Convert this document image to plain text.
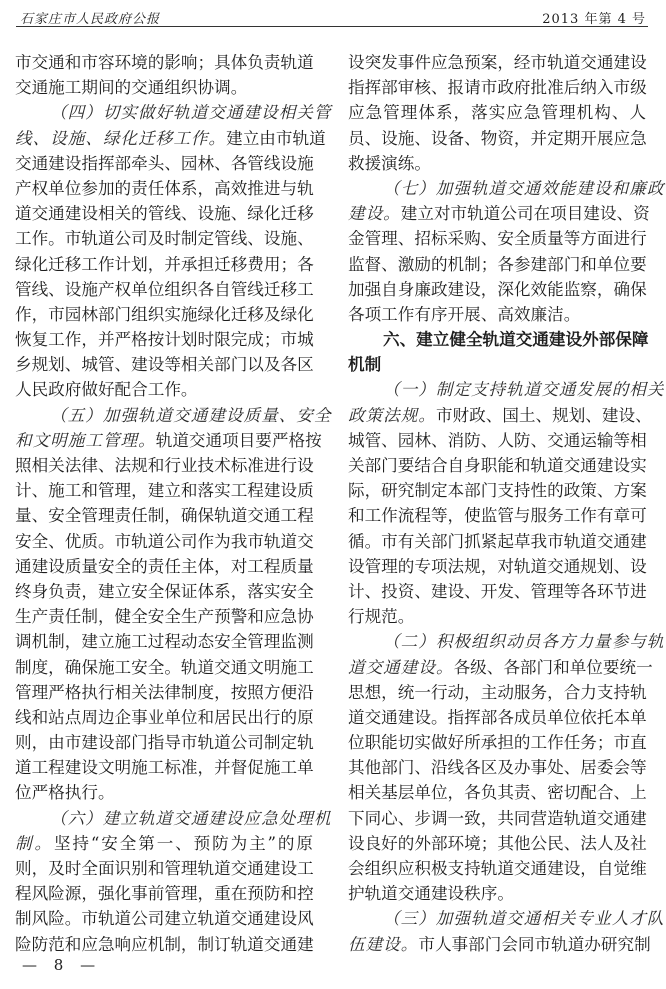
石家庄市人民政府公报	2013 年第 4 号
市交通和市容环境的影响；具体负责轨道
交通施工期间的交通组织协调。
（四）切实做好轨道交通建设相关管
线、设施、绿化迁移工作。建立由市轨道
交通建设指挥部牵头、园林、各管线设施
产权单位参加的责任体系，高效推进与轨
道交通建设相关的管线、设施、绿化迁移
工作。市轨道公司及时制定管线、设施、
绿化迁移工作计划，并承担迁移费用；各
管线、设施产权单位组织各自管线迁移工
作，市园林部门组织实施绿化迁移及绿化
恢复工作，并严格按计划时限完成；市城
乡规划、城管、建设等相关部门以及各区
人民政府做好配合工作。
（五）加强轨道交通建设质量、安全
和文明施工管理。轨道交通项目要严格按
照相关法律、法规和行业技术标准进行设
计、施工和管理，建立和落实工程建设质
量、安全管理责任制，确保轨道交通工程
安全、优质。市轨道公司作为我市轨道交
通建设质量安全的责任主体，对工程质量
终身负责，建立安全保证体系，落实安全
生产责任制，健全安全生产预警和应急协
调机制，建立施工过程动态安全管理监测
制度，确保施工安全。轨道交通文明施工
管理严格执行相关法律制度，按照方便沿
线和站点周边企事业单位和居民出行的原
则，由市建设部门指导市轨道公司制定轨
道工程建设文明施工标准，并督促施工单
位严格执行。
（六）建立轨道交通建设应急处理机
制。坚持“安全第一、预防为主”的原
则，及时全面识别和管理轨道交通建设工
程风险源，强化事前管理，重在预防和控
制风险。市轨道公司建立轨道交通建设风
险防范和应急响应机制，制订轨道交通建
设突发事件应急预案，经市轨道交通建设
指挥部审核、报请市政府批准后纳入市级
应急管理体系，落实应急管理机构、人
员、设施、设备、物资，并定期开展应急
救援演练。
（七）加强轨道交通效能建设和廉政
建设。建立对市轨道公司在项目建设、资
金管理、招标采购、安全质量等方面进行
监督、激励的机制；各参建部门和单位要
加强自身廉政建设，深化效能监察，确保
各项工作有序开展、高效廉洁。
六、建立健全轨道交通建设外部保障
机制
（一）制定支持轨道交通发展的相关
政策法规。市财政、国土、规划、建设、
城管、园林、消防、人防、交通运输等相
关部门要结合自身职能和轨道交通建设实
际，研究制定本部门支持性的政策、方案
和工作流程等，使监管与服务工作有章可
循。市有关部门抓紧起草我市轨道交通建
设管理的专项法规，对轨道交通规划、设
计、投资、建设、开发、管理等各环节进
行规范。
（二）积极组织动员各方力量参与轨
道交通建设。各级、各部门和单位要统一
思想，统一行动，主动服务，合力支持轨
道交通建设。指挥部各成员单位依托本单
位职能切实做好所承担的工作任务；市直
其他部门、沿线各区及办事处、居委会等
相关基层单位，各负其责、密切配合、上
下同心、步调一致，共同营造轨道交通建
设良好的外部环境；其他公民、法人及社
会组织应积极支持轨道交通建设，自觉维
护轨道交通建设秩序。
（三）加强轨道交通相关专业人才队
伍建设。市人事部门会同市轨道办研究制
— 8 —
